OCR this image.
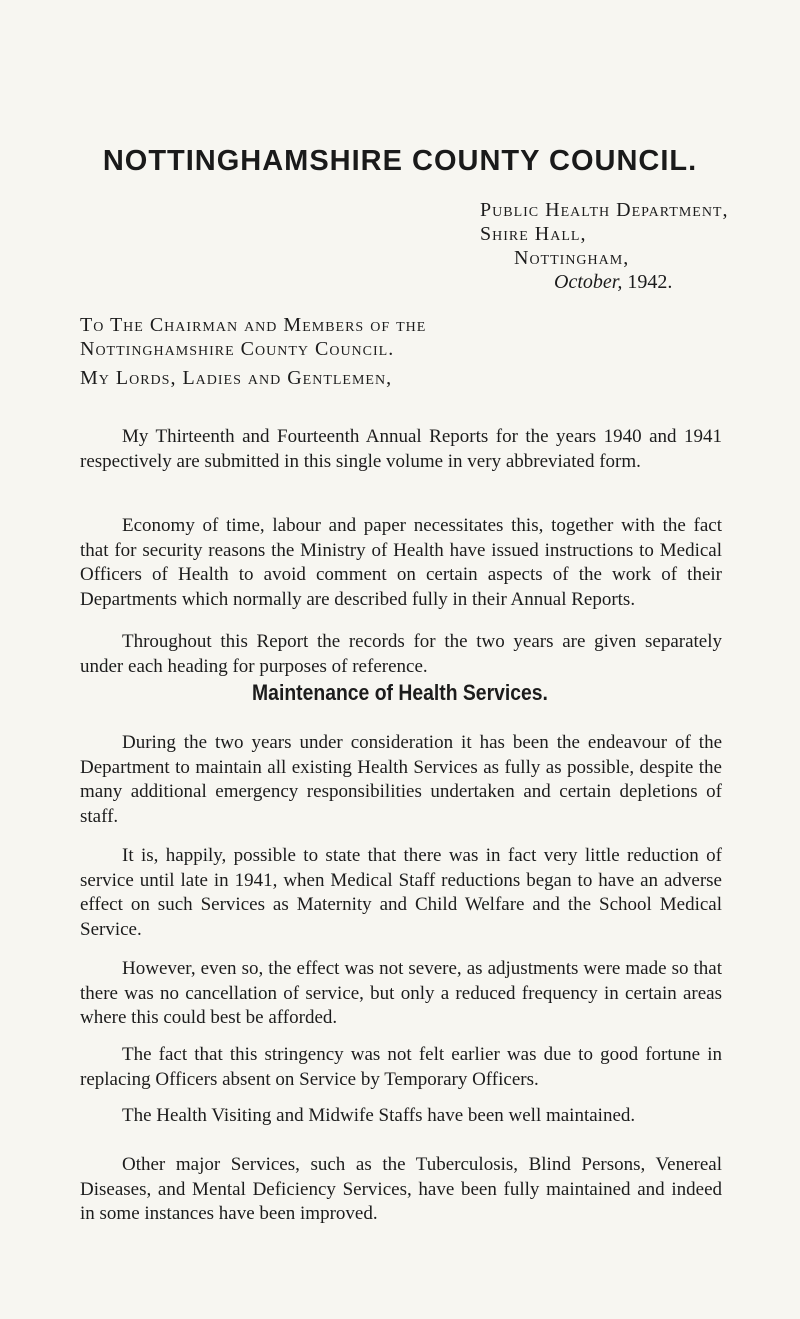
NOTTINGHAMSHIRE COUNTY COUNCIL.
Public Health Department,
Shire Hall,
Nottingham,
October, 1942.
To The Chairman and Members of the
Nottinghamshire County Council.
My Lords, Ladies and Gentlemen,

My Thirteenth and Fourteenth Annual Reports for the years 1940 and 1941 respectively are submitted in this single volume in very abbreviated form.

Economy of time, labour and paper necessitates this, together with the fact that for security reasons the Ministry of Health have issued instructions to Medical Officers of Health to avoid comment on certain aspects of the work of their Departments which normally are described fully in their Annual Reports.

Throughout this Report the records for the two years are given separately under each heading for purposes of reference.

Maintenance of Health Services.

During the two years under consideration it has been the endeavour of the Department to maintain all existing Health Services as fully as possible, despite the many additional emergency responsibilities undertaken and certain depletions of staff.

It is, happily, possible to state that there was in fact very little reduction of service until late in 1941, when Medical Staff reductions began to have an adverse effect on such Services as Maternity and Child Welfare and the School Medical Service.

However, even so, the effect was not severe, as adjustments were made so that there was no cancellation of service, but only a reduced frequency in certain areas where this could best be afforded.

The fact that this stringency was not felt earlier was due to good fortune in replacing Officers absent on Service by Temporary Officers.

The Health Visiting and Midwife Staffs have been well maintained.

Other major Services, such as the Tuberculosis, Blind Persons, Venereal Diseases, and Mental Deficiency Services, have been fully maintained and indeed in some instances have been improved.
